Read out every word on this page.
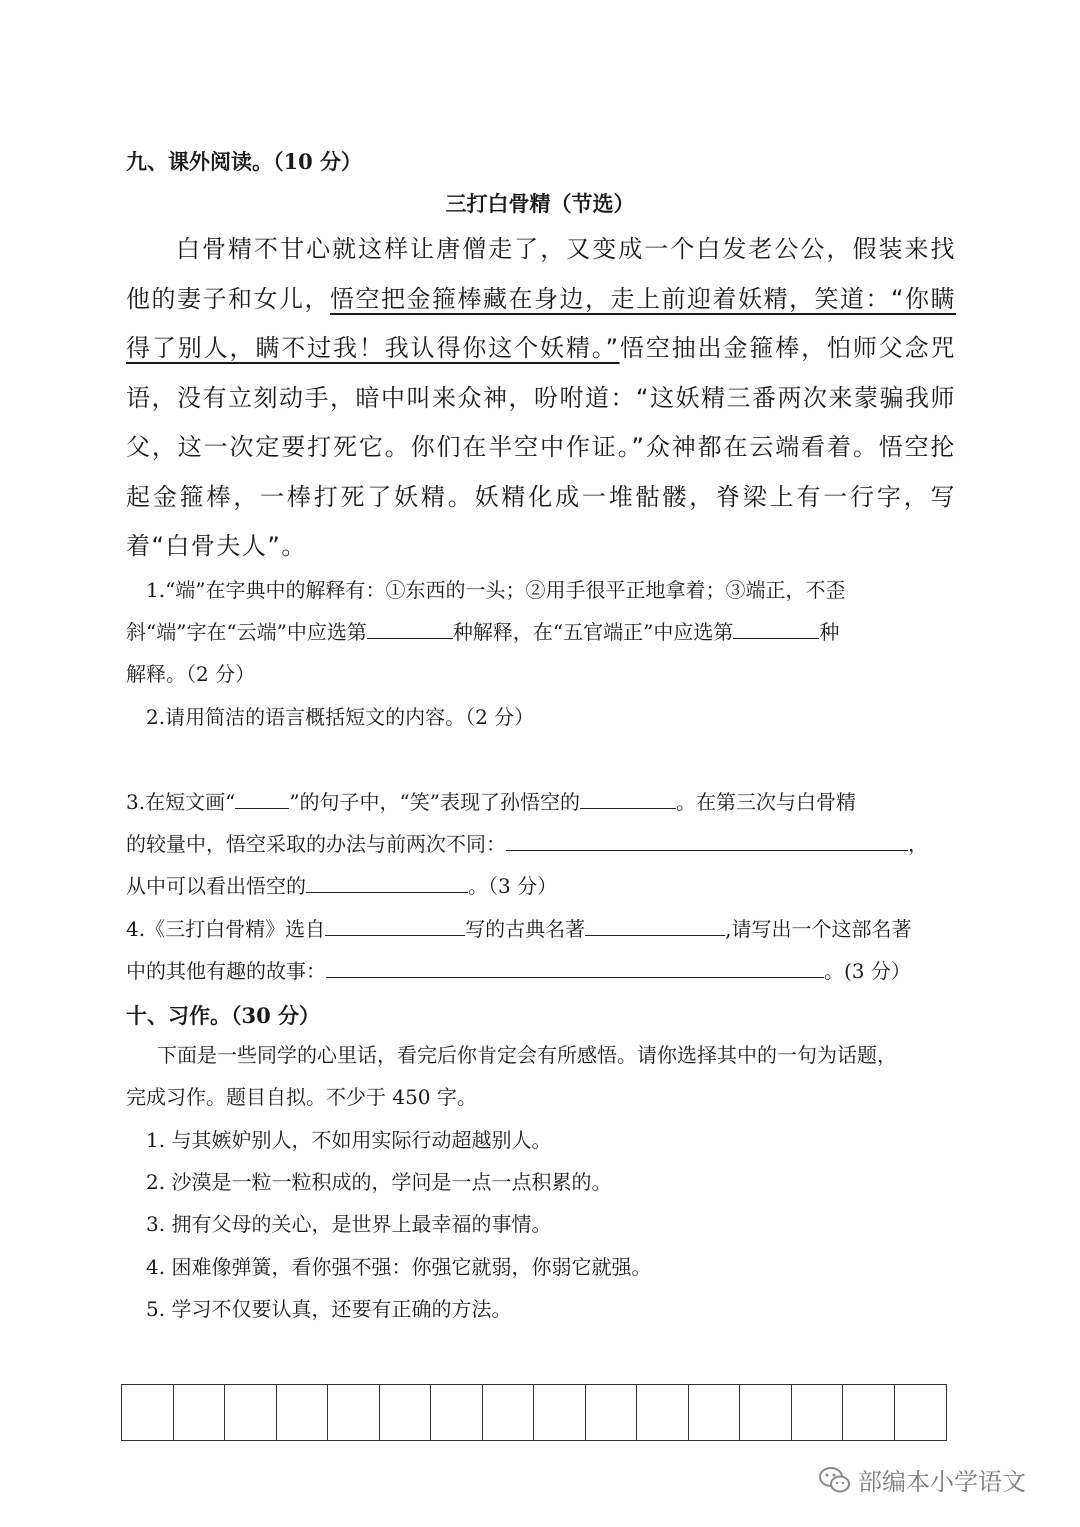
九、课外阅读。（10 分）
三打白骨精（节选）

白骨精不甘心就这样让唐僧走了，又变成一个白发老公公，假装来找他的妻子和女儿，悟空把金箍棒藏在身边，走上前迎着妖精，笑道：“你瞒得了别人，瞒不过我！我认得你这个妖精。”悟空抽出金箍棒，怕师父念咒语，没有立刻动手，暗中叫来众神，吩咐道：“这妖精三番两次来蒙骗我师父，这一次定要打死它。你们在半空中作证。”众神都在云端看着。悟空抡起金箍棒，一棒打死了妖精。妖精化成一堆骷髅，脊梁上有一行字，写着“白骨夫人”。

1.“端”在字典中的解释有：①东西的一头；②用手很平正地拿着；③端正，不歪
斜“端”字在“云端”中应选第	种解释，在“五官端正”中应选第	种
解释。（2 分）
2.请用简洁的语言概括短文的内容。（2 分）
3.在短文画“	”的句子中，“笑”表现了孙悟空的	。在第三次与白骨精
的较量中，悟空采取的办法与前两次不同：	，
从中可以看出悟空的	。（3 分）
4.《三打白骨精》选自	写的古典名著	,请写出一个这部名著
中的其他有趣的故事：	。(3 分）
十、习作。（30 分）
下面是一些同学的心里话，看完后你肯定会有所感悟。请你选择其中的一句为话题，
完成习作。题目自拟。不少于 450 字。
1. 与其嫉妒别人，不如用实际行动超越别人。
2. 沙漠是一粒一粒积成的，学问是一点一点积累的。
3. 拥有父母的关心，是世界上最幸福的事情。
4. 困难像弹簧，看你强不强：你强它就弱，你弱它就强。
5. 学习不仅要认真，还要有正确的方法。
部编本小学语文
